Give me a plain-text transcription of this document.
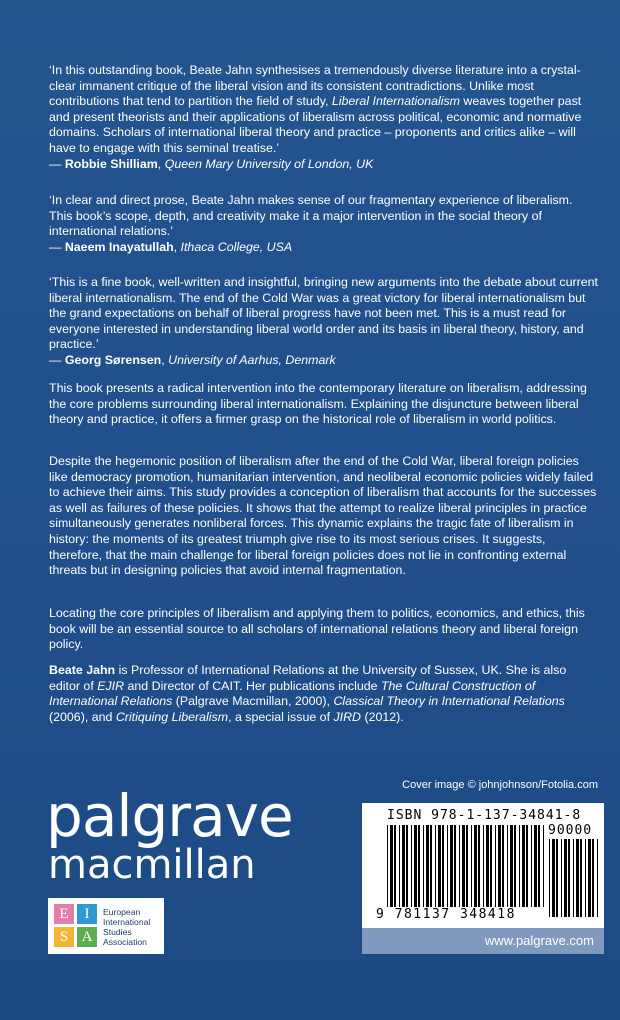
‘In this outstanding book, Beate Jahn synthesises a tremendously diverse literature into a crystal-clear immanent critique of the liberal vision and its consistent contradictions. Unlike most contributions that tend to partition the field of study, Liberal Internationalism weaves together past and present theorists and their applications of liberalism across political, economic and normative domains. Scholars of international liberal theory and practice – proponents and critics alike – will have to engage with this seminal treatise.’

— Robbie Shilliam, Queen Mary University of London, UK

‘In clear and direct prose, Beate Jahn makes sense of our fragmentary experience of liberalism. This book’s scope, depth, and creativity make it a major intervention in the social theory of international relations.’

— Naeem Inayatullah, Ithaca College, USA

‘This is a fine book, well-written and insightful, bringing new arguments into the debate about current liberal internationalism. The end of the Cold War was a great victory for liberal internationalism but the grand expectations on behalf of liberal progress have not been met. This is a must read for everyone interested in understanding liberal world order and its basis in liberal theory, history, and practice.’

— Georg Sørensen, University of Aarhus, Denmark

This book presents a radical intervention into the contemporary literature on liberalism, addressing the core problems surrounding liberal internationalism. Explaining the disjuncture between liberal theory and practice, it offers a firmer grasp on the historical role of liberalism in world politics.

Despite the hegemonic position of liberalism after the end of the Cold War, liberal foreign policies like democracy promotion, humanitarian intervention, and neoliberal economic policies widely failed to achieve their aims. This study provides a conception of liberalism that accounts for the successes as well as failures of these policies. It shows that the attempt to realize liberal principles in practice simultaneously generates nonliberal forces. This dynamic explains the tragic fate of liberalism in history: the moments of its greatest triumph give rise to its most serious crises. It suggests, therefore, that the main challenge for liberal foreign policies does not lie in confronting external threats but in designing policies that avoid internal fragmentation.

Locating the core principles of liberalism and applying them to politics, economics, and ethics, this book will be an essential source to all scholars of international relations theory and liberal foreign policy.

Beate Jahn is Professor of International Relations at the University of Sussex, UK. She is also editor of EJIR and Director of CAIT. Her publications include The Cultural Construction of International Relations (Palgrave Macmillan, 2000), Classical Theory in International Relations (2006), and Critiquing Liberalism, a special issue of JIRD (2012).

Cover image © johnjohnson/Fotolia.com
palgrave
macmillan
E	I
S A
European
International
Studies
Association
ISBN 978-1-137-34841-8
90000
9 781137 348418
www.palgrave.com
